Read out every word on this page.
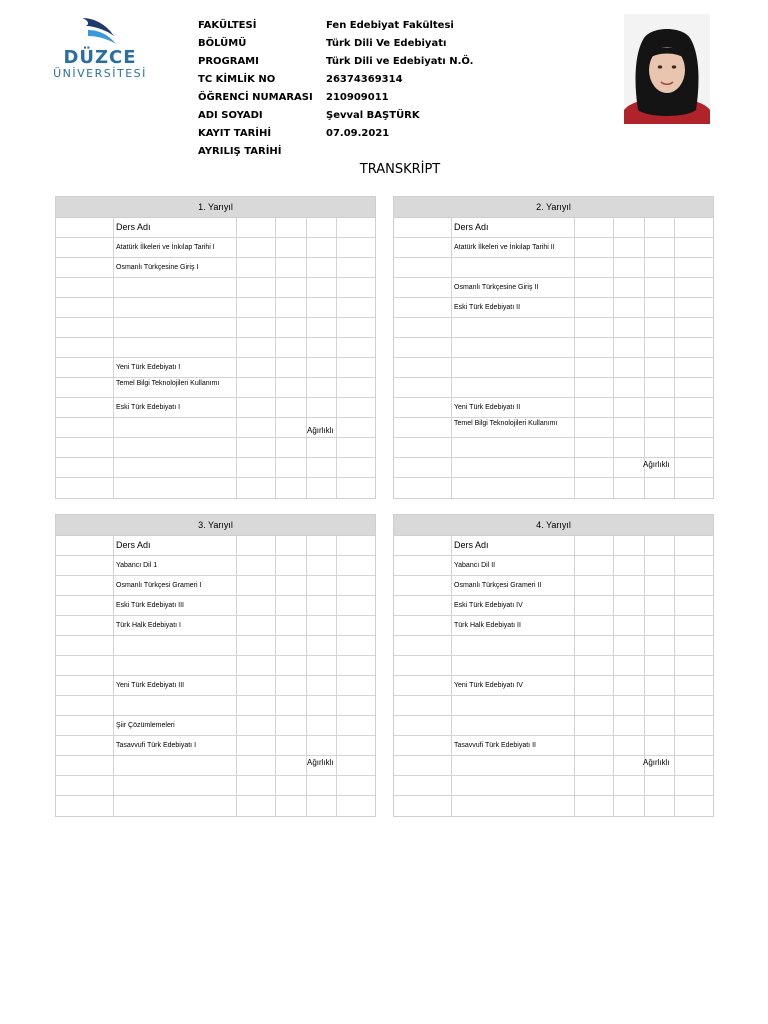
DÜZCE
ÜNİVERSİTESİ
FAKÜLTESİ	Fen Edebiyat Fakültesi
BÖLÜMÜ	Türk Dili Ve Edebiyatı
PROGRAMI	Türk Dili ve Edebiyatı N.Ö.
TC KİMLİK NO	26374369314
ÖĞRENCİ NUMARASI 210909011
ADI SOYADI	Şevval BAŞTÜRK
KAYIT TARİHİ	07.09.2021
AYRILIŞ TARİHİ
TRANSKRİPT
1. Yarıyıl
Ders Adı
Atatürk İlkeleri ve İnkılap Tarihi I
Osmanlı Türkçesine Giriş I
Yeni Türk Edebiyatı I
Temel Bilgi Teknolojileri Kullanımı
Eski Türk Edebiyatı I
Ağırlıklı
2. Yarıyıl
Ders Adı
Atatürk İlkeleri ve İnkılap Tarihi II
Osmanlı Türkçesine Giriş II
Eski Türk Edebiyatı II
Yeni Türk Edebiyatı II
Temel Bilgi Teknolojileri Kullanımı
Ağırlıklı
3. Yarıyıl
Ders Adı
Yabancı Dil 1
Osmanlı Türkçesi Grameri I
Eski Türk Edebiyatı III
Türk Halk Edebiyatı I
Yeni Türk Edebiyatı III
Şiir Çözümlemeleri
Tasavvufi Türk Edebiyatı I
Ağırlıklı
4. Yarıyıl
Ders Adı
Yabancı Dil II
Osmanlı Türkçesi Grameri II
Eski Türk Edebiyatı IV
Türk Halk Edebiyatı II
Yeni Türk Edebiyatı IV
Tasavvufi Türk Edebiyatı II
Ağırlıklı
